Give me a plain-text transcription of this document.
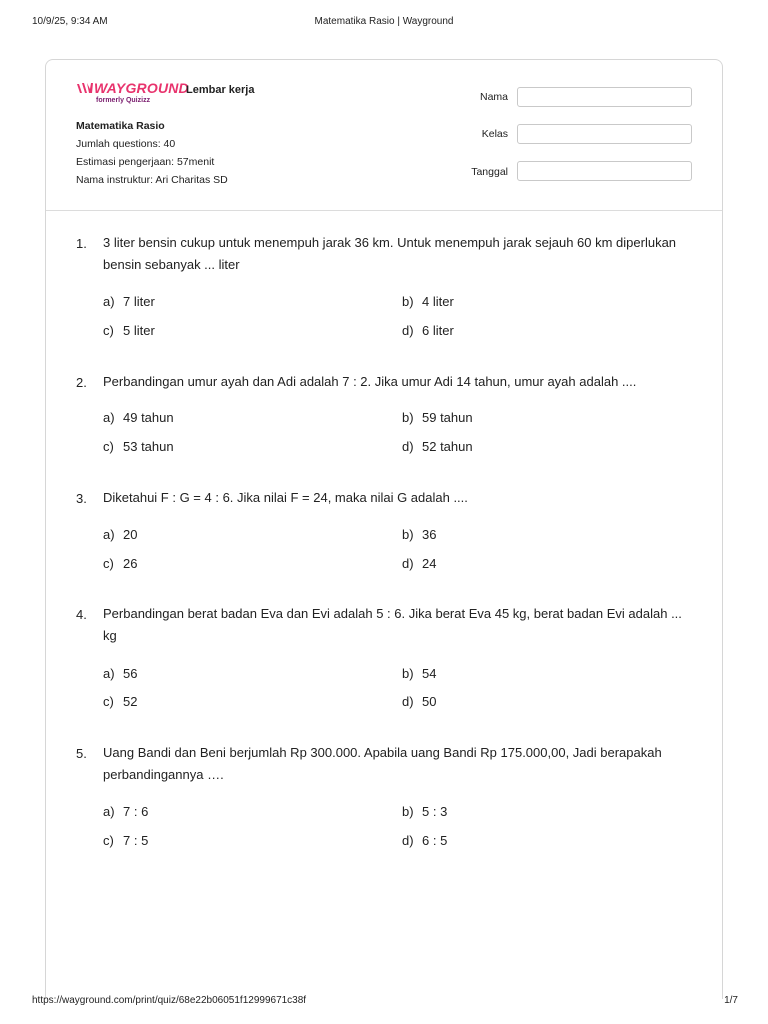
10/9/25, 9:34 AM	Matematika Rasio | Wayground
WAYGROUND
formerly Quizizz
Lembar kerja
Matematika Rasio
Jumlah questions: 40
Estimasi pengerjaan: 57menit
Nama instruktur: Ari Charitas SD
Nama
Kelas
Tanggal
1. 3 liter bensin cukup untuk menempuh jarak 36 km. Untuk menempuh jarak sejauh 60 km diperlukan bensin sebanyak ... liter
a) 7 liter	b) 4 liter
c) 5 liter	d) 6 liter
2. Perbandingan umur ayah dan Adi adalah 7 : 2. Jika umur Adi 14 tahun, umur ayah adalah ....
a) 49 tahun	b) 59 tahun
c) 53 tahun	d) 52 tahun
3. Diketahui F : G = 4 : 6. Jika nilai F = 24, maka nilai G adalah ....
a) 20	b) 36
c) 26	d) 24
4. Perbandingan berat badan Eva dan Evi adalah 5 : 6. Jika berat Eva 45 kg, berat badan Evi adalah ... kg
a) 56	b) 54
c) 52	d) 50
5. Uang Bandi dan Beni berjumlah Rp 300.000. Apabila uang Bandi Rp 175.000,00, Jadi berapakah perbandingannya ….
a) 7 : 6	b) 5 : 3
c) 7 : 5	d) 6 : 5
https://wayground.com/print/quiz/68e22b06051f12999671c38f	1/7
